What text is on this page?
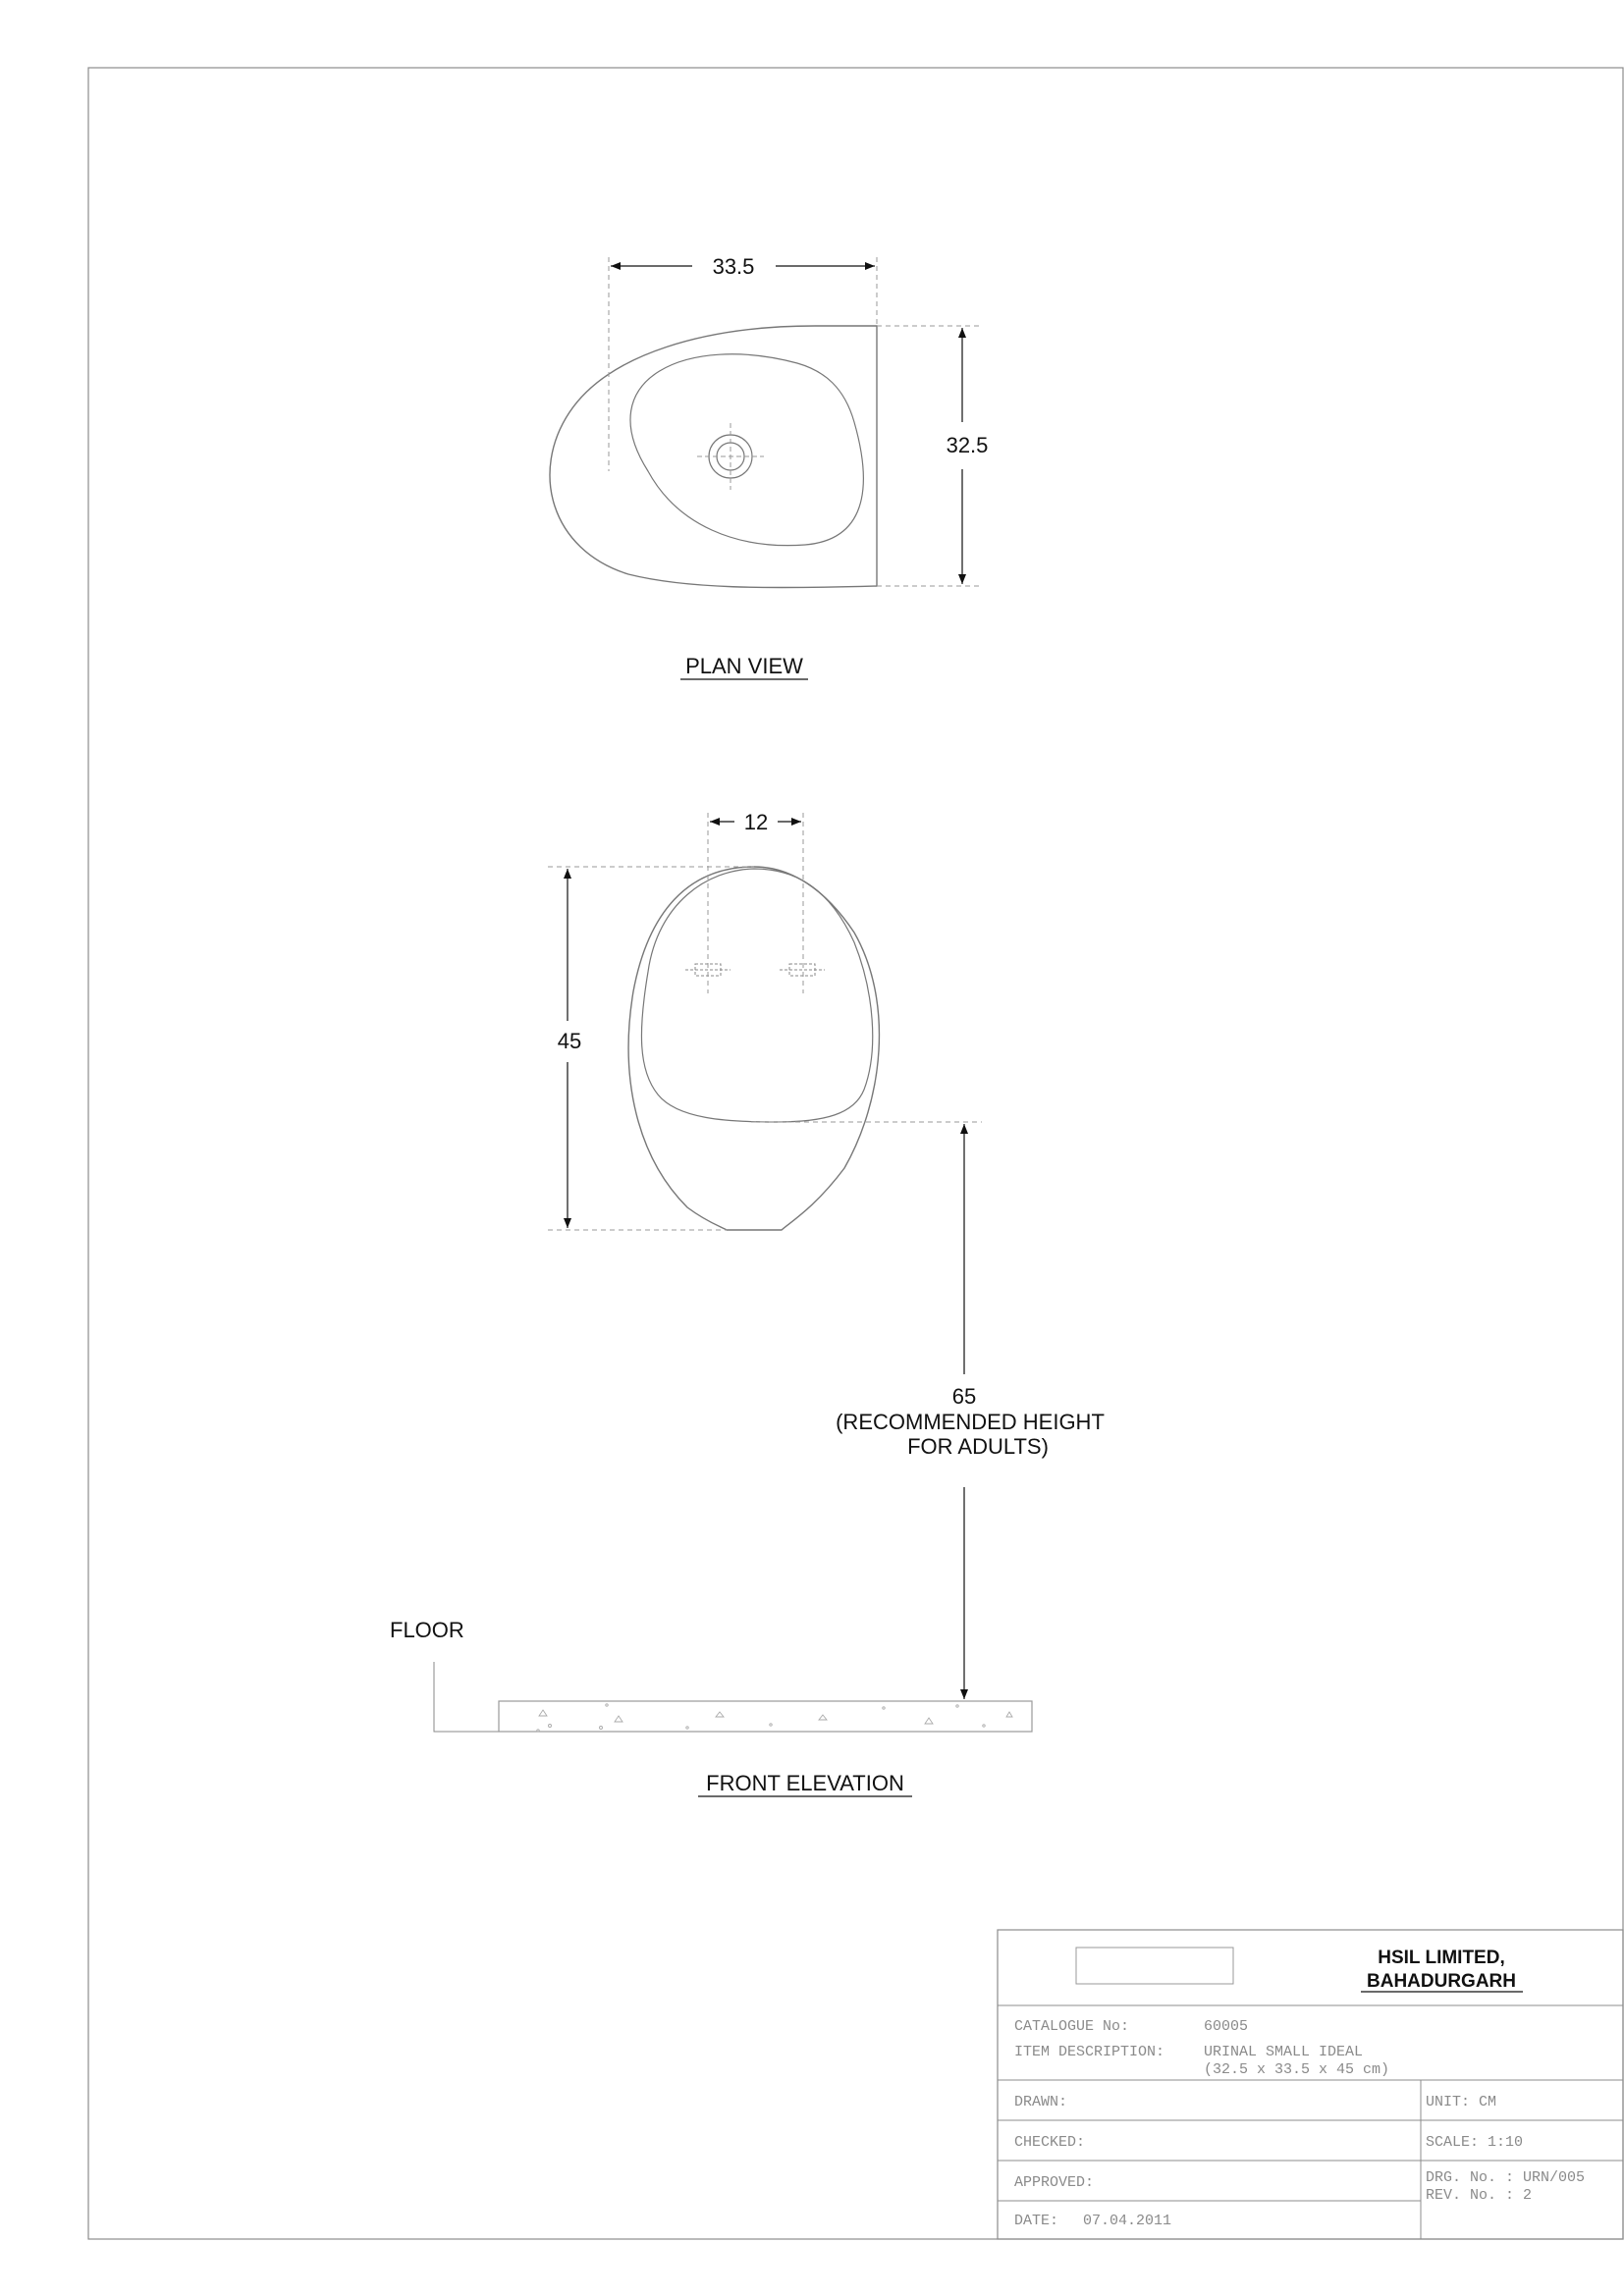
33.5
32.5
PLAN VIEW
12
45
65
(RECOMMENDED HEIGHT
FOR ADULTS)
FLOOR
FRONT ELEVATION
HSIL LIMITED,
BAHADURGARH
CATALOGUE No:	60005
ITEM DESCRIPTION:	URINAL SMALL IDEAL
(32.5 x 33.5 x 45 cm)
DRAWN:
CHECKED:
APPROVED:
DATE: 07.04.2011
UNIT: CM
SCALE: 1:10
DRG. No. : URN/005
REV. No. : 2
